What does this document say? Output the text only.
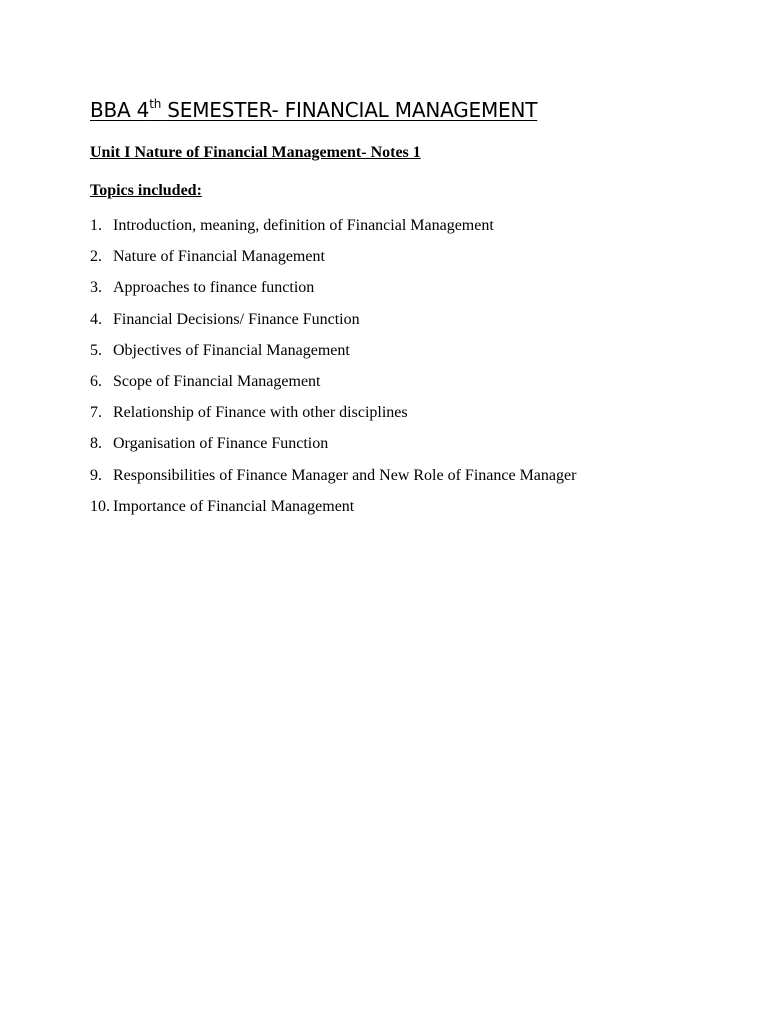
BBA 4th SEMESTER- FINANCIAL MANAGEMENT

Unit I Nature of Financial Management- Notes 1

Topics included:

1. Introduction, meaning, definition of Financial Management
2. Nature of Financial Management
3. Approaches to finance function
4. Financial Decisions/ Finance Function
5. Objectives of Financial Management
6. Scope of Financial Management
7. Relationship of Finance with other disciplines
8. Organisation of Finance Function
9. Responsibilities of Finance Manager and New Role of Finance Manager
10. Importance of Financial Management
